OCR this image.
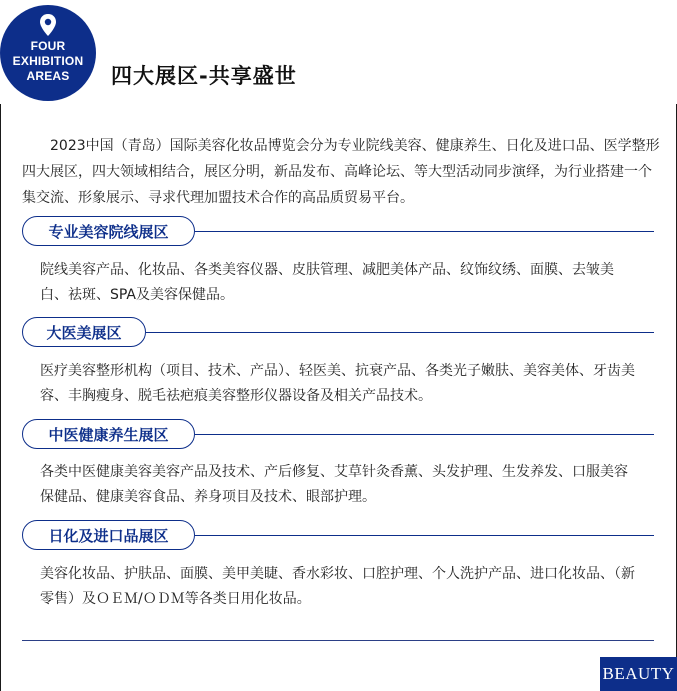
FOUR
EXHIBITION
AREAS	四大展区-共享盛世
2023中国（青岛）国际美容化妆品博览会分为专业院线美容、健康养生、日化及进口品、医学整形四大展区，四大领域相结合，展区分明，新品发布、高峰论坛、等大型活动同步演绎，为行业搭建一个集交流、形象展示、寻求代理加盟技术合作的高品质贸易平台。
专业美容院线展区
院线美容产品、化妆品、各类美容仪器、皮肤管理、减肥美体产品、纹饰纹绣、面膜、去皱美白、祛斑、SPA及美容保健品。
大医美展区
医疗美容整形机构（项目、技术、产品）、轻医美、抗衰产品、各类光子嫩肤、美容美体、牙齿美容、丰胸瘦身、脱毛祛疤痕美容整形仪器设备及相关产品技术。
中医健康养生展区
各类中医健康美容美容产品及技术、产后修复、艾草针灸香薰、头发护理、生发养发、口服美容保健品、健康美容食品、养身项目及技术、眼部护理。
日化及进口品展区
美容化妆品、护肤品、面膜、美甲美睫、香水彩妆、口腔护理、个人洗护产品、进口化妆品、（新零售）及ＯＥＭ/ＯＤＭ等各类日用化妆品。
BEAUTY
